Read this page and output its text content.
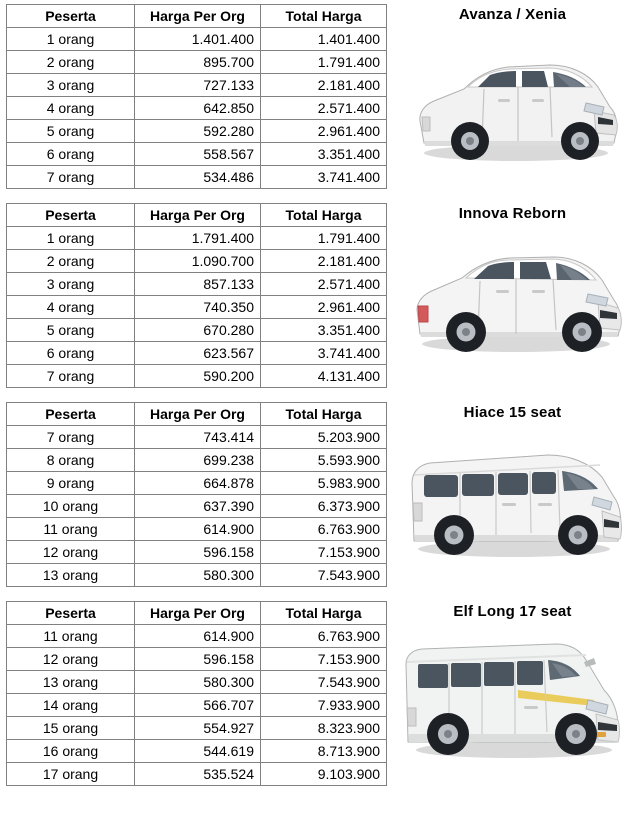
Peserta	Harga Per Org	Total Harga
1 orang	1.401.400	1.401.400
2 orang	895.700	1.791.400
3 orang	727.133	2.181.400
4 orang	642.850	2.571.400
5 orang	592.280	2.961.400
6 orang	558.567	3.351.400
7 orang	534.486	3.741.400
Avanza / Xenia
Peserta	Harga Per Org	Total Harga
1 orang	1.791.400	1.791.400
2 orang	1.090.700	2.181.400
3 orang	857.133	2.571.400
4 orang	740.350	2.961.400
5 orang	670.280	3.351.400
6 orang	623.567	3.741.400
7 orang	590.200	4.131.400
Innova Reborn
Peserta	Harga Per Org	Total Harga
7 orang	743.414	5.203.900
8 orang	699.238	5.593.900
9 orang	664.878	5.983.900
10 orang	637.390	6.373.900
11 orang	614.900	6.763.900
12 orang	596.158	7.153.900
13 orang	580.300	7.543.900
Hiace 15 seat
Peserta	Harga Per Org	Total Harga
11 orang	614.900	6.763.900
12 orang	596.158	7.153.900
13 orang	580.300	7.543.900
14 orang	566.707	7.933.900
15 orang	554.927	8.323.900
16 orang	544.619	8.713.900
17 orang	535.524	9.103.900
Elf Long 17 seat
